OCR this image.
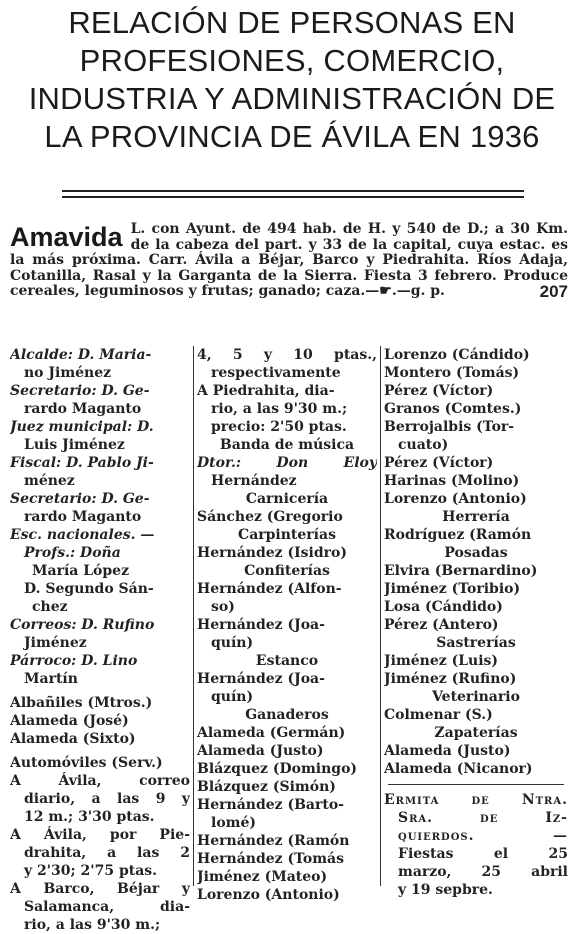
RELACIÓN DE PERSONAS EN
PROFESIONES, COMERCIO,
INDUSTRIA Y ADMINISTRACIÓN DE
LA PROVINCIA DE ÁVILA EN 1936
Amavida L. con Ayunt. de 494 hab. de H. y 540 de D.; a 30 Km. de la cabeza del part. y 33 de la capital, cuya estac. es la más próxima. Carr. Ávila a Béjar, Barco y Piedrahita. Ríos Adaja, Cotanilla, Rasal y la Garganta de la Sierra. Fiesta 3 febrero. Produce cereales, leguminosos y frutas; ganado; caza.—☛.—g. p.	207
Alcalde: D. Maria-
no Jiménez
Secretario: D. Ge-
rardo Maganto
Juez municipal: D.
Luis Jiménez
Fiscal: D. Pablo Ji-
ménez
Secretario: D. Ge-
rardo Maganto
Esc. nacionales. —
Profs.: Doña
María López
D. Segundo Sán-
chez
Correos: D. Rufino
Jiménez
Párroco: D. Lino
Martín
Albañiles (Mtros.)
Alameda (José)
Alameda (Sixto)
Automóviles (Serv.)
A Ávila, correo
diario, a las 9 y
12 m.; 3'30 ptas.
A Ávila, por Pie-
drahita, a las 2
y 2'30; 2'75 ptas.
A Barco, Béjar y
Salamanca, dia-
rio, a las 9'30 m.;
4, 5 y 10 ptas.,
respectivamente
A Piedrahita, dia-
rio, a las 9'30 m.;
precio: 2'50 ptas.
Banda de música
Dtor.: Don Eloy
Hernández
Carnicería
Sánchez (Gregorio
Carpinterías
Hernández (Isidro)
Confiterías
Hernández (Alfon-
so)
Hernández (Joa-
quín)
Estanco
Hernández (Joa-
quín)
Ganaderos
Alameda (Germán)
Alameda (Justo)
Blázquez (Domingo)
Blázquez (Simón)
Hernández (Barto-
lomé)
Hernández (Ramón
Hernández (Tomás
Jiménez (Mateo)
Lorenzo (Antonio)
Lorenzo (Cándido)
Montero (Tomás)
Pérez (Víctor)
Granos (Comtes.)
Berrojalbis (Tor-
cuato)
Pérez (Víctor)
Harinas (Molino)
Lorenzo (Antonio)
Herrería
Rodríguez (Ramón
Posadas
Elvira (Bernardino)
Jiménez (Toribio)
Losa (Cándido)
Pérez (Antero)
Sastrerías
Jiménez (Luis)
Jiménez (Rufino)
Veterinario
Colmenar (S.)
Zapaterías
Alameda (Justo)
Alameda (Nicanor)
Ermita de Ntra.
Sra. de Iz-
quierdos. —
Fiestas el 25
marzo, 25 abril
y 19 sepbre.
